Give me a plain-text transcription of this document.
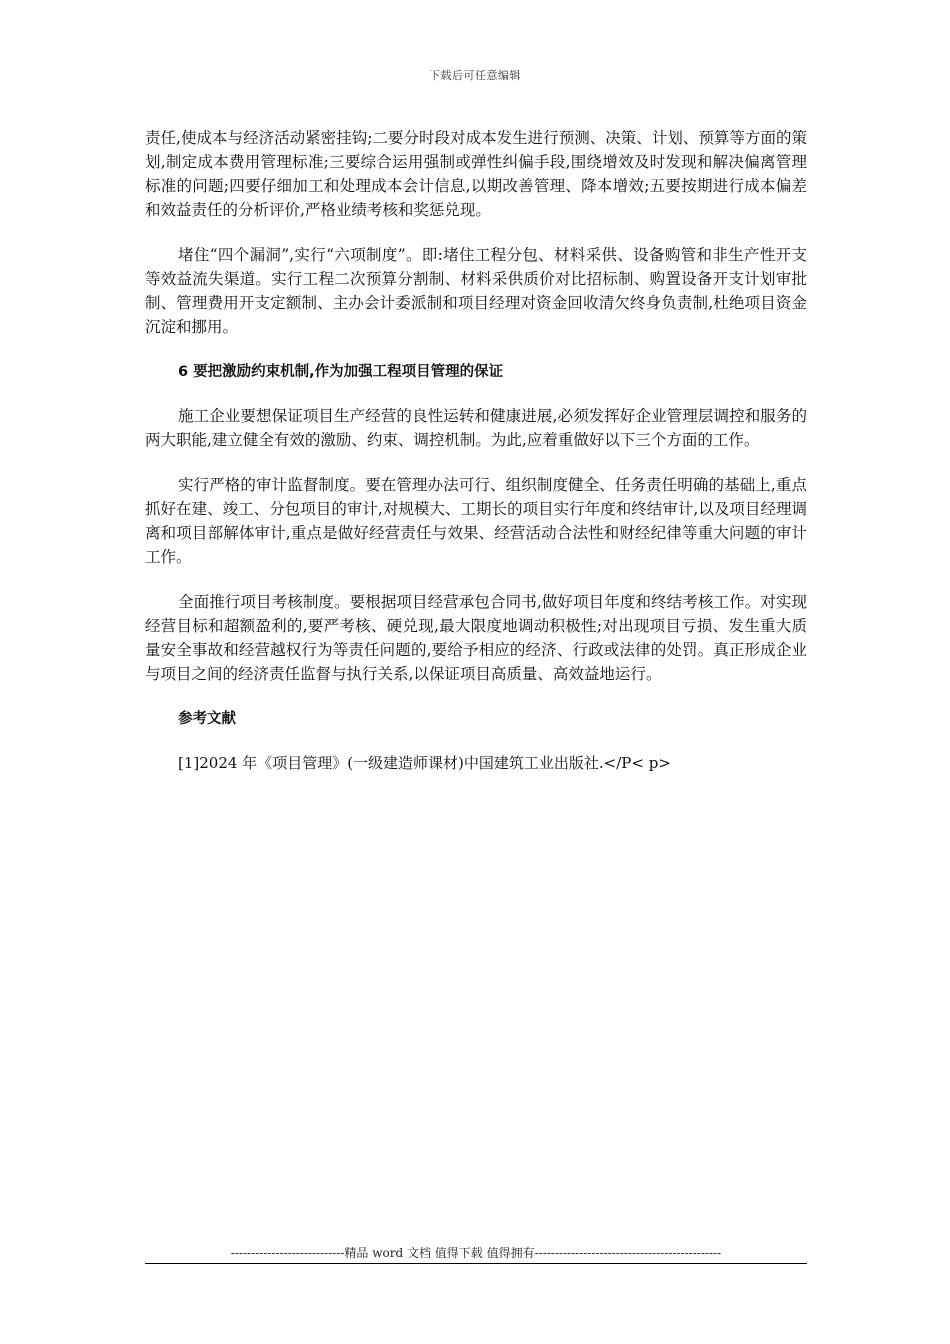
下载后可任意编辑

责任,使成本与经济活动紧密挂钩;二要分时段对成本发生进行预测、决策、计划、预算等方面的策划,制定成本费用管理标准;三要综合运用强制或弹性纠偏手段,围绕增效及时发现和解决偏离管理标准的问题;四要仔细加工和处理成本会计信息,以期改善管理、降本增效;五要按期进行成本偏差和效益责任的分析评价,严格业绩考核和奖惩兑现。

堵住“四个漏洞”,实行“六项制度”。即:堵住工程分包、材料采供、设备购管和非生产性开支等效益流失渠道。实行工程二次预算分割制、材料采供质价对比招标制、购置设备开支计划审批制、管理费用开支定额制、主办会计委派制和项目经理对资金回收清欠终身负责制,杜绝项目资金沉淀和挪用。

6 要把激励约束机制,作为加强工程项目管理的保证

施工企业要想保证项目生产经营的良性运转和健康进展,必须发挥好企业管理层调控和服务的两大职能,建立健全有效的激励、约束、调控机制。为此,应着重做好以下三个方面的工作。

实行严格的审计监督制度。要在管理办法可行、组织制度健全、任务责任明确的基础上,重点抓好在建、竣工、分包项目的审计,对规模大、工期长的项目实行年度和终结审计,以及项目经理调离和项目部解体审计,重点是做好经营责任与效果、经营活动合法性和财经纪律等重大问题的审计工作。

全面推行项目考核制度。要根据项目经营承包合同书,做好项目年度和终结考核工作。对实现经营目标和超额盈利的,要严考核、硬兑现,最大限度地调动积极性;对出现项目亏损、发生重大质量安全事故和经营越权行为等责任问题的,要给予相应的经济、行政或法律的处罚。真正形成企业与项目之间的经济责任监督与执行关系,以保证项目高质量、高效益地运行。

参考文献

[1]2024 年《项目管理》(一级建造师课材)中国建筑工业出版社.</P< p>

----------------------------精品 word 文档 值得下载 值得拥有----------------------------------------------
